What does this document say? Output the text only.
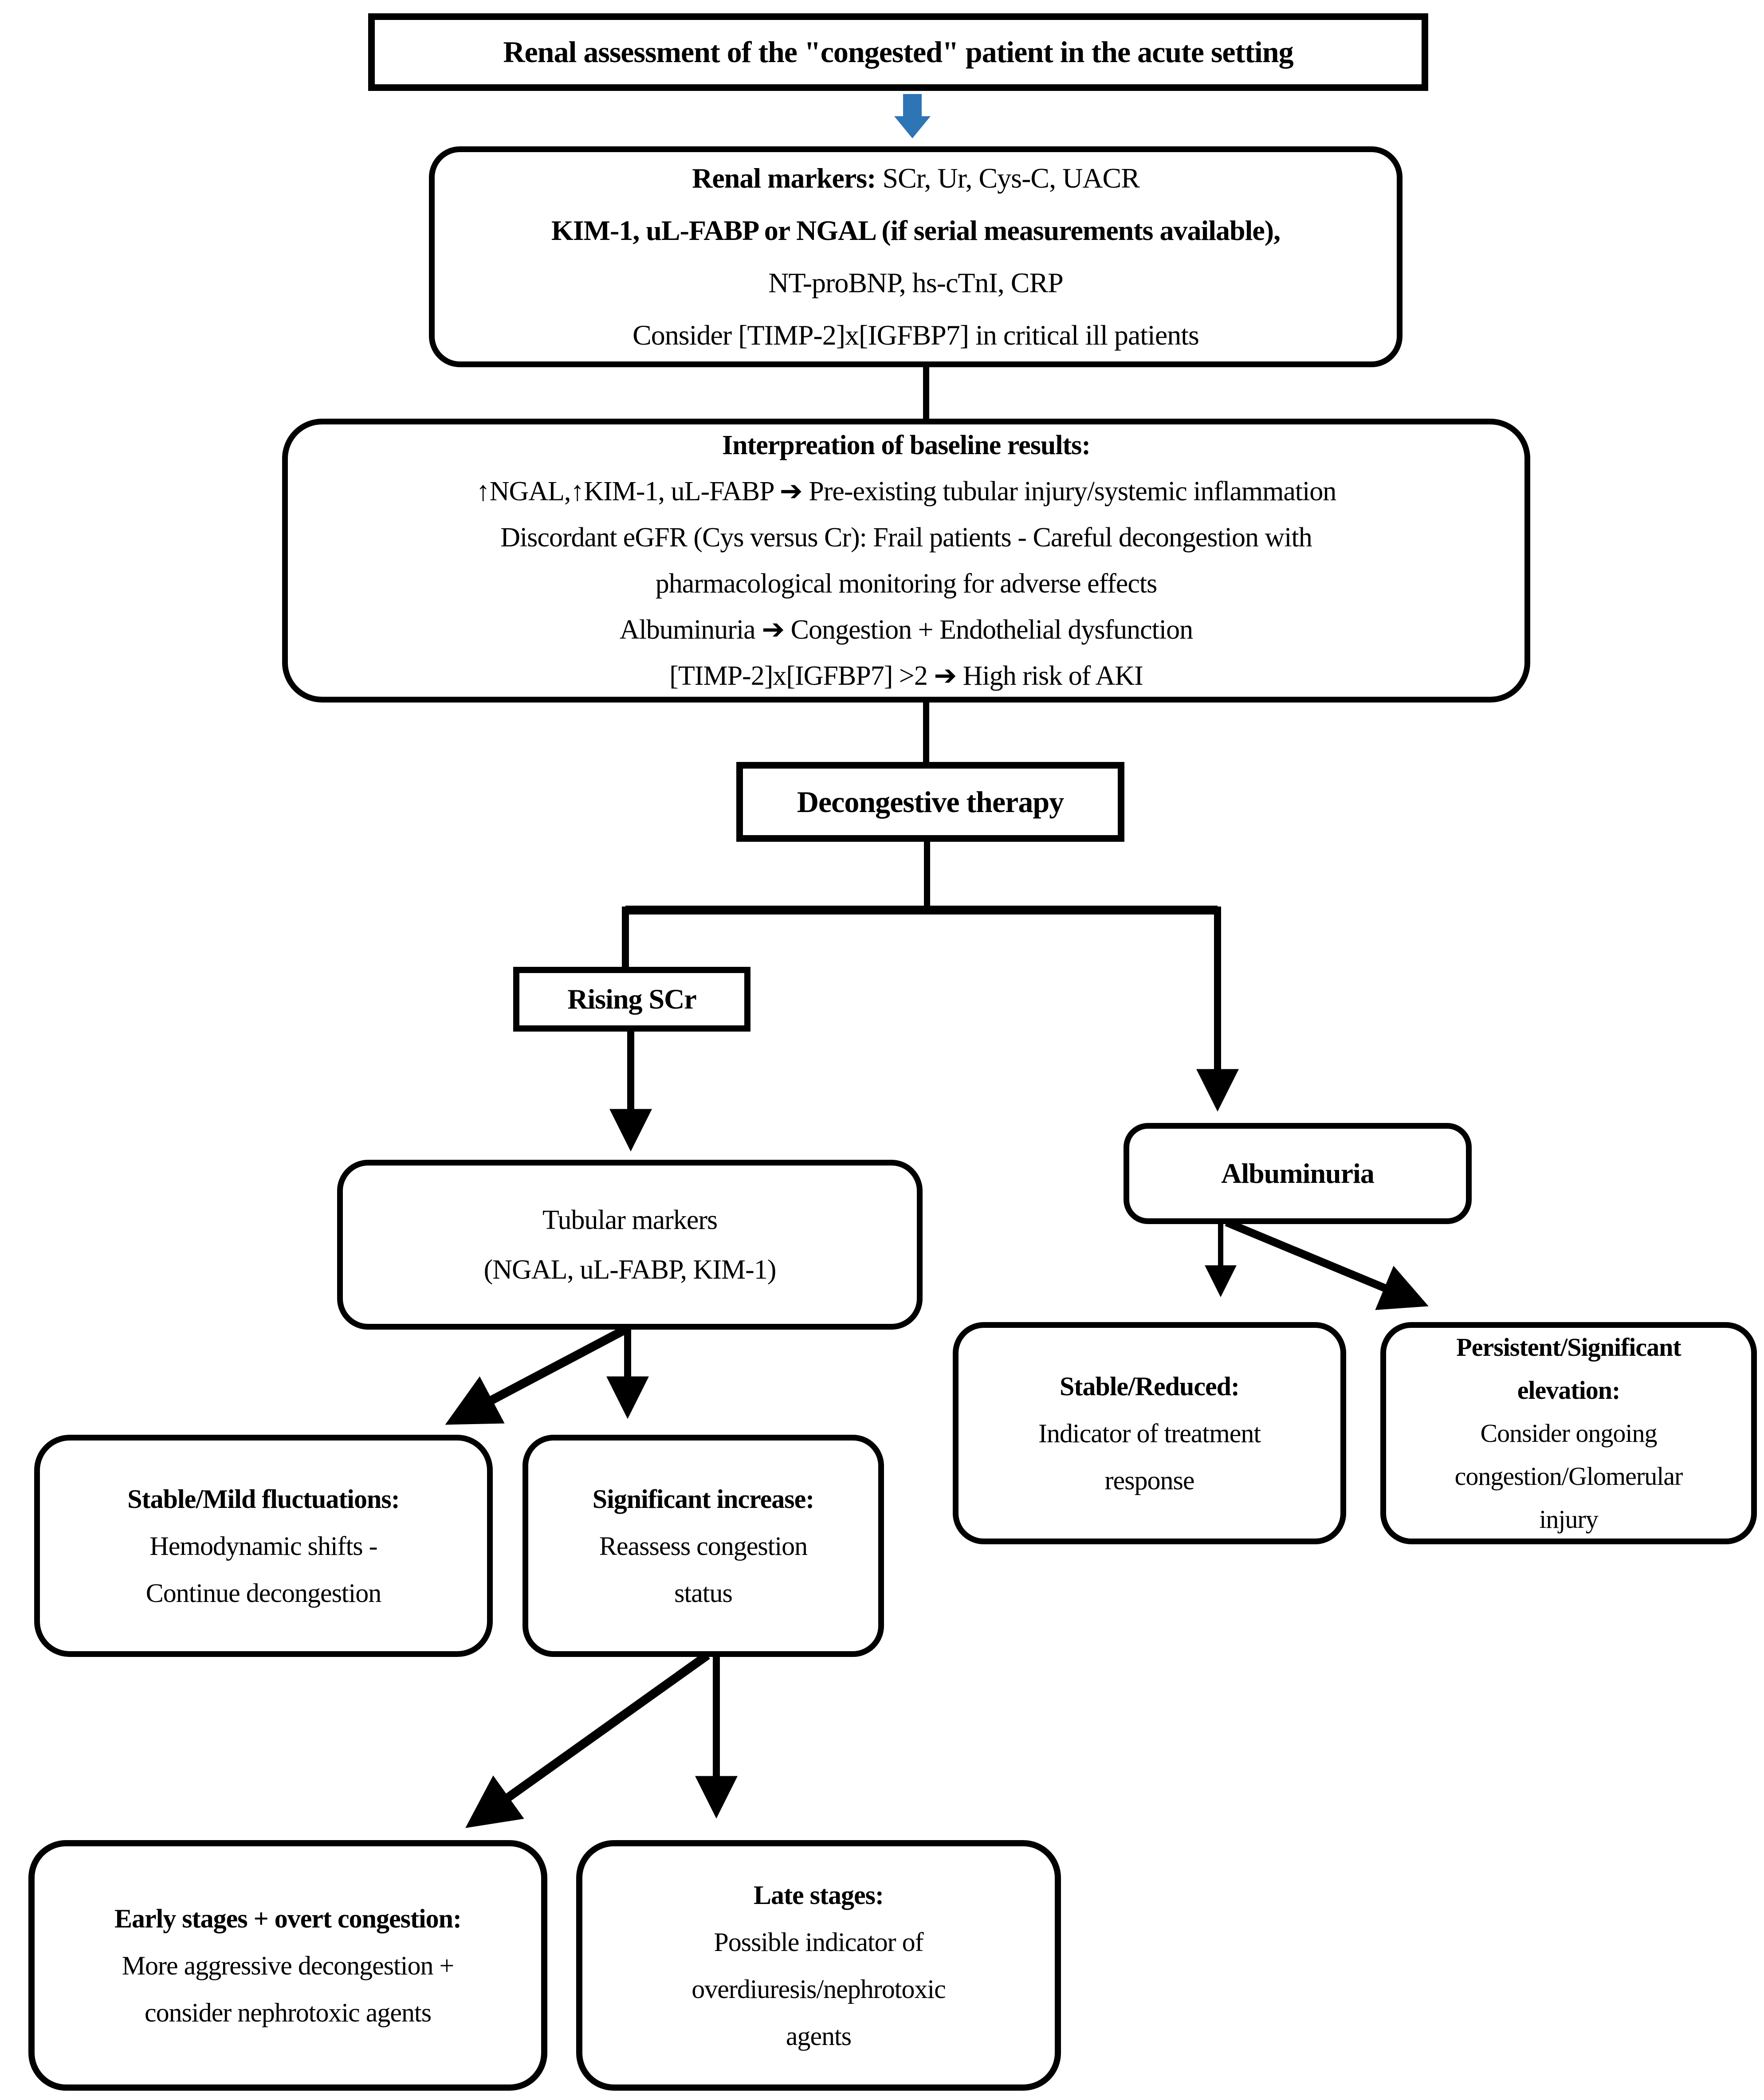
Renal assessment of the "congested" patient in the acute setting
Renal markers: SCr, Ur, Cys-C, UACR
KIM-1, uL-FABP or NGAL (if serial measurements available),
NT-proBNP, hs-cTnI, CRP
Consider [TIMP-2]x[IGFBP7] in critical ill patients
Interpreation of baseline results:
↑NGAL,↑KIM-1, uL-FABP ➔ Pre-existing tubular injury/systemic inflammation
Discordant eGFR (Cys versus Cr): Frail patients - Careful decongestion with
pharmacological monitoring for adverse effects
Albuminuria ➔ Congestion + Endothelial dysfunction
[TIMP-2]x[IGFBP7] >2 ➔ High risk of AKI
Decongestive therapy
Rising SCr
Tubular markers
(NGAL, uL-FABP, KIM-1)
Albuminuria
Stable/Mild fluctuations:
Hemodynamic shifts -
Continue decongestion
Significant increase:
Reassess congestion
status
Stable/Reduced:
Indicator of treatment
response
Persistent/Significant
elevation:
Consider ongoing
congestion/Glomerular
injury
Early stages + overt congestion:
More aggressive decongestion +
consider nephrotoxic agents
Late stages:
Possible indicator of
overdiuresis/nephrotoxic
agents
